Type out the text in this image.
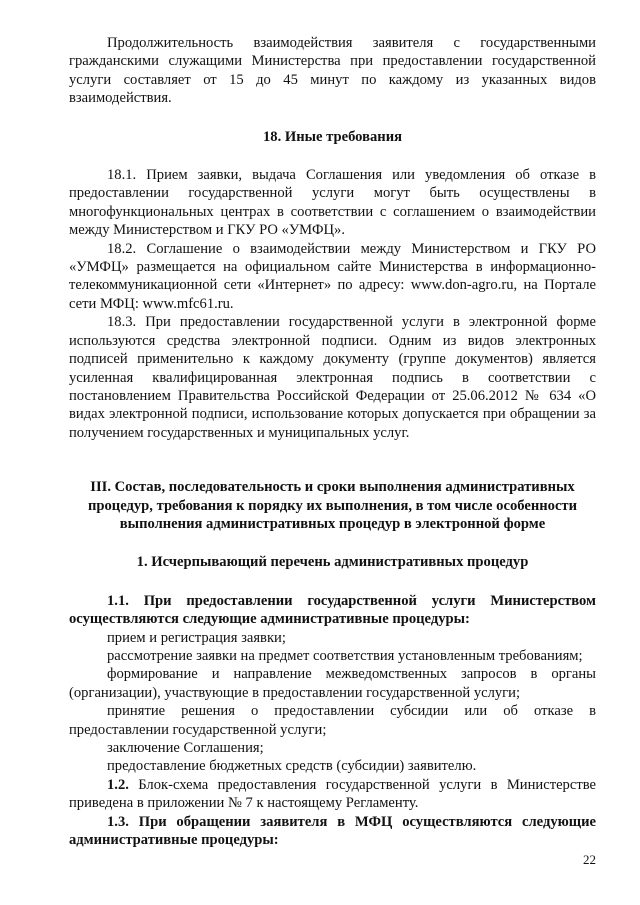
Продолжительность взаимодействия заявителя с государственными гражданскими служащими Министерства при предоставлении государственной услуги составляет от 15 до 45 минут по каждому из указанных видов взаимодействия.

18. Иные требования

18.1. Прием заявки, выдача Соглашения или уведомления об отказе в предоставлении государственной услуги могут быть осуществлены в многофункциональных центрах в соответствии с соглашением о взаимодействии между Министерством и ГКУ РО «УМФЦ».

18.2. Соглашение о взаимодействии между Министерством и ГКУ РО «УМФЦ» размещается на официальном сайте Министерства в информационно-телекоммуникационной сети «Интернет» по адресу: www.don-agro.ru, на Портале сети МФЦ: www.mfc61.ru.

18.3. При предоставлении государственной услуги в электронной форме используются средства электронной подписи. Одним из видов электронных подписей применительно к каждому документу (группе документов) является усиленная квалифицированная электронная подпись в соответствии с постановлением Правительства Российской Федерации от 25.06.2012 № 634 «О видах электронной подписи, использование которых допускается при обращении за получением государственных и муниципальных услуг.

III. Состав, последовательность и сроки выполнения административных процедур, требования к порядку их выполнения, в том числе особенности выполнения административных процедур в электронной форме

1. Исчерпывающий перечень административных процедур

1.1. При предоставлении государственной услуги Министерством осуществляются следующие административные процедуры:

прием и регистрация заявки;

рассмотрение заявки на предмет соответствия установленным требованиям;

формирование и направление межведомственных запросов в органы (организации), участвующие в предоставлении государственной услуги;

принятие решения о предоставлении субсидии или об отказе в предоставлении государственной услуги;

заключение Соглашения;

предоставление бюджетных средств (субсидии) заявителю.

1.2. Блок-схема предоставления государственной услуги в Министерстве приведена в приложении № 7 к настоящему Регламенту.

1.3. При обращении заявителя в МФЦ осуществляются следующие административные процедуры:

22
